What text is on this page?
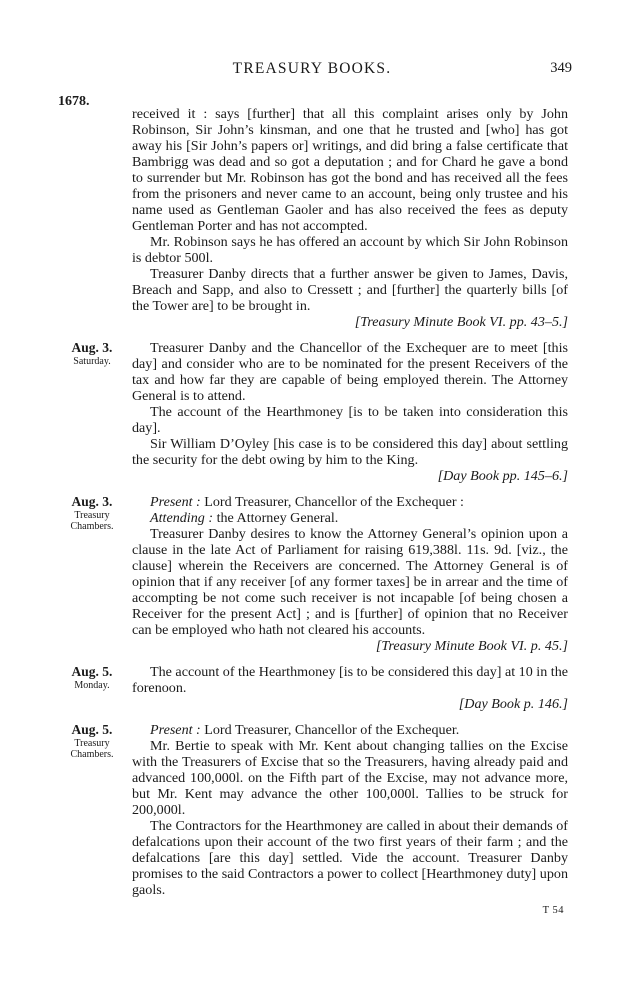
TREASURY BOOKS.	349
1678.

received it : says [further] that all this complaint arises only by John Robinson, Sir John’s kinsman, and one that he trusted and [who] has got away his [Sir John’s papers or] writings, and did bring a false certificate that Bambrigg was dead and so got a deputation ; and for Chard he gave a bond to surrender but Mr. Robinson has got the bond and has received all the fees from the prisoners and never came to an account, being only trustee and his name used as Gentleman Gaoler and has also received the fees as deputy Gentleman Porter and has not accompted.

Mr. Robinson says he has offered an account by which Sir John Robinson is debtor 500l.

Treasurer Danby directs that a further answer be given to James, Davis, Breach and Sapp, and also to Cressett ; and [further] the quarterly bills [of the Tower are] to be brought in.

[Treasury Minute Book VI. pp. 43–5.]

Aug. 3.
Saturday.

Treasurer Danby and the Chancellor of the Exchequer are to meet [this day] and consider who are to be nominated for the present Receivers of the tax and how far they are capable of being employed therein. The Attorney General is to attend.

The account of the Hearthmoney [is to be taken into consideration this day].

Sir William D’Oyley [his case is to be considered this day] about settling the security for the debt owing by him to the King.

[Day Book pp. 145–6.]

Aug. 3.
Treasury
Chambers.

Present : Lord Treasurer, Chancellor of the Exchequer :

Attending : the Attorney General.

Treasurer Danby desires to know the Attorney General’s opinion upon a clause in the late Act of Parliament for raising 619,388l. 11s. 9d. [viz., the clause] wherein the Receivers are concerned. The Attorney General is of opinion that if any receiver [of any former taxes] be in arrear and the time of accompting be not come such receiver is not incapable [of being chosen a Receiver for the present Act] ; and is [further] of opinion that no Receiver can be employed who hath not cleared his accounts.

[Treasury Minute Book VI. p. 45.]

Aug. 5.
Monday.

The account of the Hearthmoney [is to be considered this day] at 10 in the forenoon.

[Day Book p. 146.]

Aug. 5.
Treasury
Chambers.

Present : Lord Treasurer, Chancellor of the Exchequer.

Mr. Bertie to speak with Mr. Kent about changing tallies on the Excise with the Treasurers of Excise that so the Treasurers, having already paid and advanced 100,000l. on the Fifth part of the Excise, may not advance more, but Mr. Kent may advance the other 100,000l. Tallies to be struck for 200,000l.

The Contractors for the Hearthmoney are called in about their demands of defalcations upon their account of the two first years of their farm ; and the defalcations [are this day] settled. Vide the account. Treasurer Danby promises to the said Contractors a power to collect [Hearthmoney duty] upon gaols.

T 54
